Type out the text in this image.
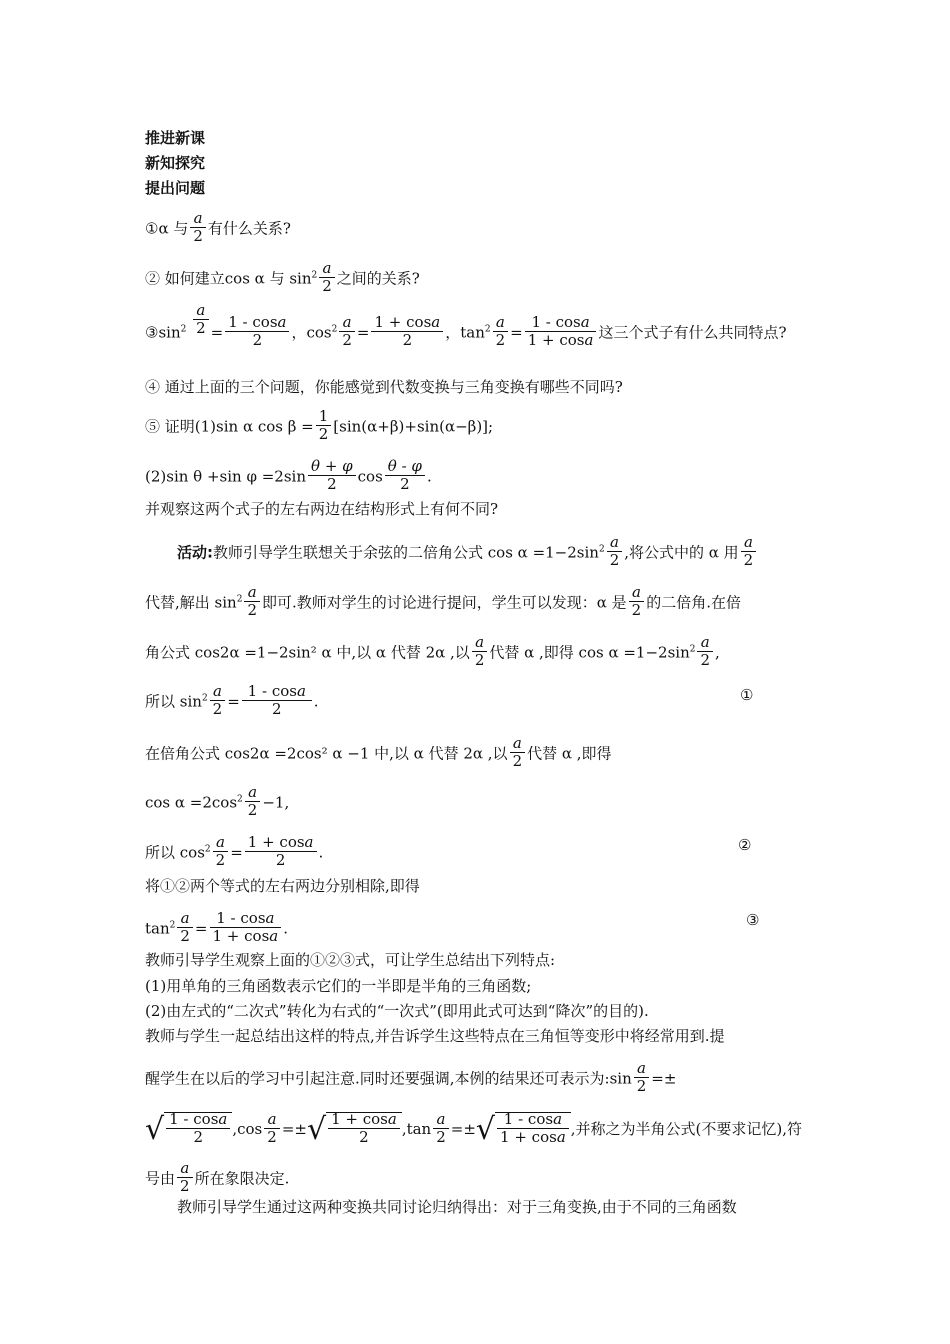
推进新课
新知探究
提出问题
①α 与 $\frac{a}{2}$ 有什么关系?
② 如何建立cos α 与 $\sin^2 \frac{a}{2}$ 之间的关系?
$③\sin^2 \frac{a}{2} = \frac{1 - \cos a}{2}$ ，$\cos^2 \frac{a}{2} = \frac{1 + \cos a}{2}$ ，$\tan^2 \frac{a}{2} = \frac{1 - \cos a}{1 + \cos a}$ 这三个式子有什么共同特点?
④ 通过上面的三个问题，你能感觉到代数变换与三角变换有哪些不同吗?
⑤ 证明(1)sin α $\cos \beta = \frac{1}{2} [\sin(\alpha+\beta)+\sin(\alpha-\beta)]$;
(2)sin θ +sin $\varphi =2\sin \frac{\theta + \varphi}{2}$ $\cos \frac{\theta - \varphi}{2}$ .
并观察这两个式子的左右两边在结构形式上有何不同?
活动:教师引导学生联想关于余弦的二倍角公式 $\cos \alpha =1-2\sin^2 \frac{a}{2}$ ,将公式中的 α 用 $\frac{a}{2}$
代替,解出 $\sin^2 \frac{a}{2}$ 即可.教师对学生的讨论进行提问，学生可以发现：α 是 $\frac{a}{2}$ 的二倍角.在倍
角公式 cos2α =1−2sin² α 中,以 α 代替 2α ,以 $\frac{a}{2}$ 代替 α ,即得 $\cos \alpha =1-2\sin^2 \frac{a}{2}$ ,
所以 $\sin^2 \frac{a}{2} = \frac{1 - \cos a}{2}$ .	①
在倍角公式 cos2α =2cos² α −1 中,以 α 代替 2α ,以 $\frac{a}{2}$ 代替 α ,即得
$\cos \alpha =2\cos^2 \frac{a}{2} -1$,
所以 $\cos^2 \frac{a}{2} = \frac{1 + \cos a}{2}$ .	②
将①②两个等式的左右两边分别相除,即得
$\tan^2 \frac{a}{2} = \frac{1 - \cos a}{1 + \cos a}$ .	③
教师引导学生观察上面的①②③式，可让学生总结出下列特点:
(1)用单角的三角函数表示它们的一半即是半角的三角函数;
(2)由左式的“二次式”转化为右式的“一次式”(即用此式可达到“降次”的目的).
教师与学生一起总结出这样的特点,并告诉学生这些特点在三角恒等变形中将经常用到.提
醒学生在以后的学习中引起注意.同时还要强调,本例的结果还可表示为:sin $\frac{a}{2}$ =±
√ $\frac{1 - \cos a}{2} ,\cos \frac{a}{2}$ =±√ $\frac{1 + \cos a}{2} ,\tan \frac{a}{2}$ =±√ $\frac{1 - \cos a}{1 + \cos a}$ ,并称之为半角公式(不要求记忆),符
号由 $\frac{a}{2}$ 所在象限决定.
教师引导学生通过这两种变换共同讨论归纳得出：对于三角变换,由于不同的三角函数
